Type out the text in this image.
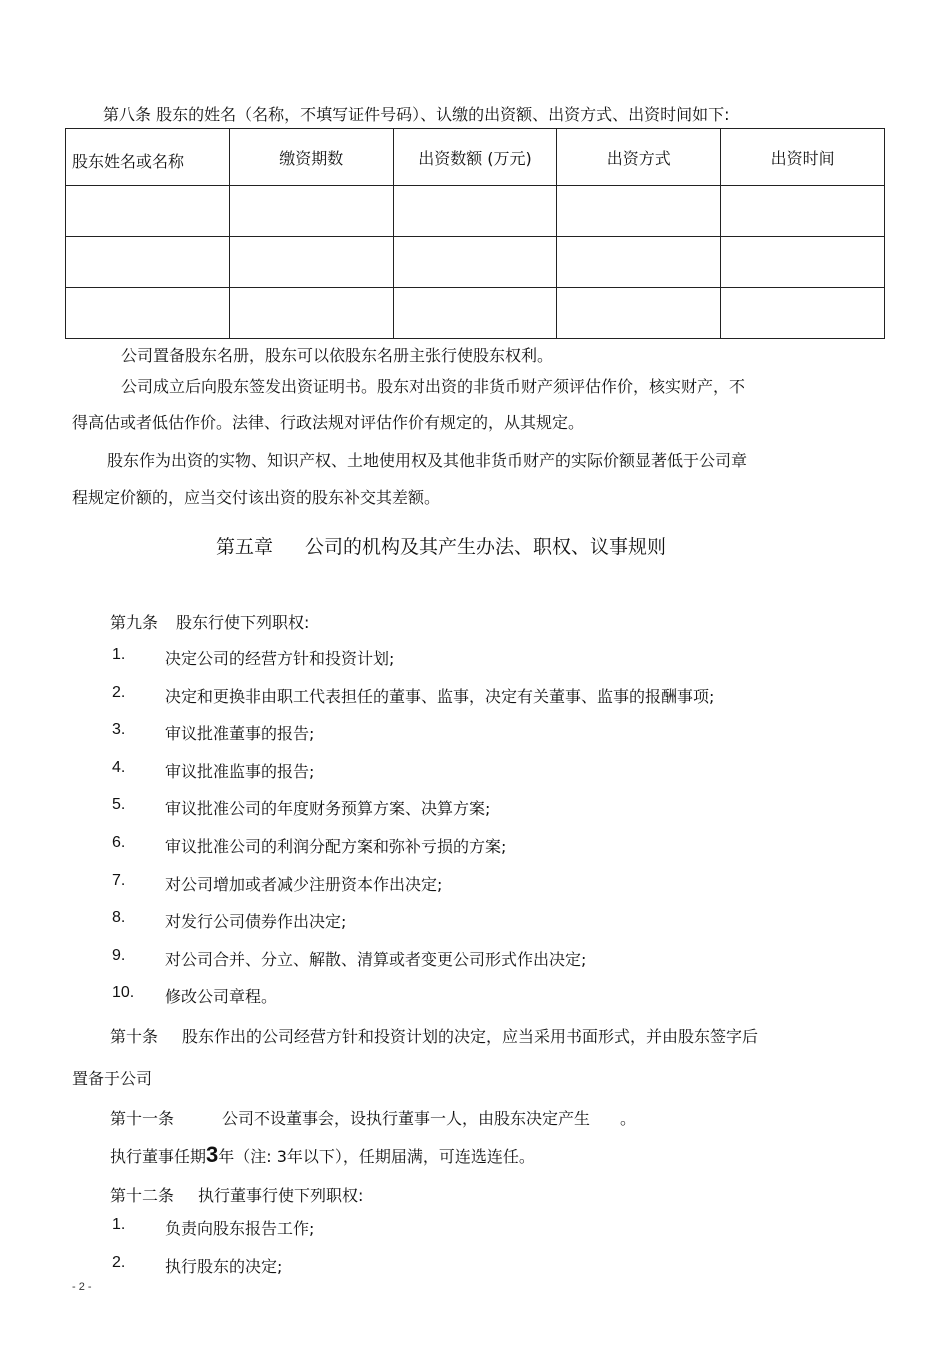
第八条 股东的姓名（名称，不填写证件号码）、认缴的出资额、出资方式、出资时间如下:
股东姓名或名称	缴资期数	出资数额 (万元)	出资方式	出资时间

公司置备股东名册，股东可以依股东名册主张行使股东权利。
公司成立后向股东签发出资证明书。股东对出资的非货币财产须评估作价，核实财产，不
得高估或者低估作价。法律、行政法规对评估作价有规定的，从其规定。
股东作为出资的实物、知识产权、土地使用权及其他非货币财产的实际价额显著低于公司章
程规定价额的，应当交付该出资的股东补交其差额。
第五章 公司的机构及其产生办法、职权、议事规则
第九条 股东行使下列职权:
1. 决定公司的经营方针和投资计划;
2. 决定和更换非由职工代表担任的董事、监事，决定有关董事、监事的报酬事项;
3. 审议批准董事的报告;
4. 审议批准监事的报告;
5. 审议批准公司的年度财务预算方案、决算方案;
6. 审议批准公司的利润分配方案和弥补亏损的方案;
7. 对公司增加或者减少注册资本作出决定;
8. 对发行公司债券作出决定;
9. 对公司合并、分立、解散、清算或者变更公司形式作出决定;
10. 修改公司章程。
第十条 股东作出的公司经营方针和投资计划的决定，应当采用书面形式，并由股东签字后
置备于公司
第十一条	公司不设董事会，设执行董事一人，由股东决定产生 。
执行董事任期3年（注: 3年以下），任期届满，可连选连任。
第十二条 执行董事行使下列职权:
1. 负责向股东报告工作;
2. 执行股东的决定;
- 2 -
